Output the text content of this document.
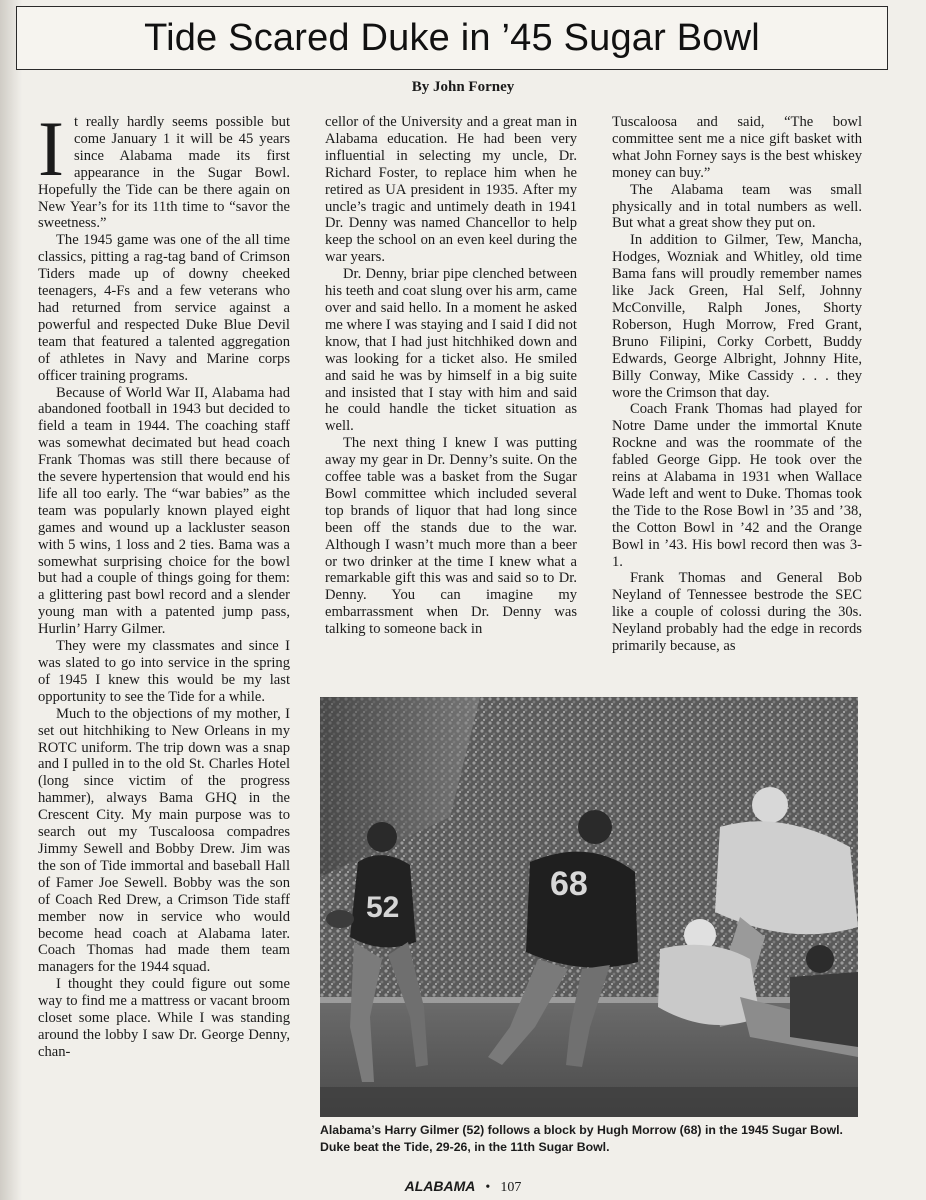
Tide Scared Duke in ’45 Sugar Bowl
By John Forney

It really hardly seems possible but come January 1 it will be 45 years since Alabama made its first appearance in the Sugar Bowl. Hopefully the Tide can be there again on New Year’s for its 11th time to “savor the sweetness.”

The 1945 game was one of the all time classics, pitting a rag-tag band of Crimson Tiders made up of downy cheeked teenagers, 4-Fs and a few veterans who had returned from service against a powerful and respected Duke Blue Devil team that featured a talented aggregation of athletes in Navy and Marine corps officer training programs.

Because of World War II, Alabama had abandoned football in 1943 but decided to field a team in 1944. The coaching staff was somewhat decimated but head coach Frank Thomas was still there because of the severe hypertension that would end his life all too early. The “war babies” as the team was popularly known played eight games and wound up a lackluster season with 5 wins, 1 loss and 2 ties. Bama was a somewhat surprising choice for the bowl but had a couple of things going for them: a glittering past bowl record and a slender young man with a patented jump pass, Hurlin’ Harry Gilmer.

They were my classmates and since I was slated to go into service in the spring of 1945 I knew this would be my last opportunity to see the Tide for a while.

Much to the objections of my mother, I set out hitchhiking to New Orleans in my ROTC uniform. The trip down was a snap and I pulled in to the old St. Charles Hotel (long since victim of the progress hammer), always Bama GHQ in the Crescent City. My main purpose was to search out my Tuscaloosa compadres Jimmy Sewell and Bobby Drew. Jim was the son of Tide immortal and baseball Hall of Famer Joe Sewell. Bobby was the son of Coach Red Drew, a Crimson Tide staff member now in service who would become head coach at Alabama later. Coach Thomas had made them team managers for the 1944 squad.

I thought they could figure out some way to find me a mattress or vacant broom closet some place. While I was standing around the lobby I saw Dr. George Denny, chan-

cellor of the University and a great man in Alabama education. He had been very influential in selecting my uncle, Dr. Richard Foster, to replace him when he retired as UA president in 1935. After my uncle’s tragic and untimely death in 1941 Dr. Denny was named Chancellor to help keep the school on an even keel during the war years.

Dr. Denny, briar pipe clenched between his teeth and coat slung over his arm, came over and said hello. In a moment he asked me where I was staying and I said I did not know, that I had just hitchhiked down and was looking for a ticket also. He smiled and said he was by himself in a big suite and insisted that I stay with him and said he could handle the ticket situation as well.

The next thing I knew I was putting away my gear in Dr. Denny’s suite. On the coffee table was a basket from the Sugar Bowl committee which included several top brands of liquor that had long since been off the stands due to the war. Although I wasn’t much more than a beer or two drinker at the time I knew what a remarkable gift this was and said so to Dr. Denny. You can imagine my embarrassment when Dr. Denny was talking to someone back in

Tuscaloosa and said, “The bowl committee sent me a nice gift basket with what John Forney says is the best whiskey money can buy.”

The Alabama team was small physically and in total numbers as well. But what a great show they put on.

In addition to Gilmer, Tew, Mancha, Hodges, Wozniak and Whitley, old time Bama fans will proudly remember names like Jack Green, Hal Self, Johnny McConville, Ralph Jones, Shorty Roberson, Hugh Morrow, Fred Grant, Bruno Filipini, Corky Corbett, Buddy Edwards, George Albright, Johnny Hite, Billy Conway, Mike Cassidy . . . they wore the Crimson that day.

Coach Frank Thomas had played for Notre Dame under the immortal Knute Rockne and was the roommate of the fabled George Gipp. He took over the reins at Alabama in 1931 when Wallace Wade left and went to Duke. Thomas took the Tide to the Rose Bowl in ’35 and ’38, the Cotton Bowl in ’42 and the Orange Bowl in ’43. His bowl record then was 3-1.

Frank Thomas and General Bob Neyland of Tennessee bestrode the SEC like a couple of colossi during the 30s. Neyland probably had the edge in records primarily because, as

52
68
Alabama’s Harry Gilmer (52) follows a block by Hugh Morrow (68) in the 1945 Sugar Bowl. Duke beat the Tide, 29-26, in the 11th Sugar Bowl.
ALABAMA • 107
